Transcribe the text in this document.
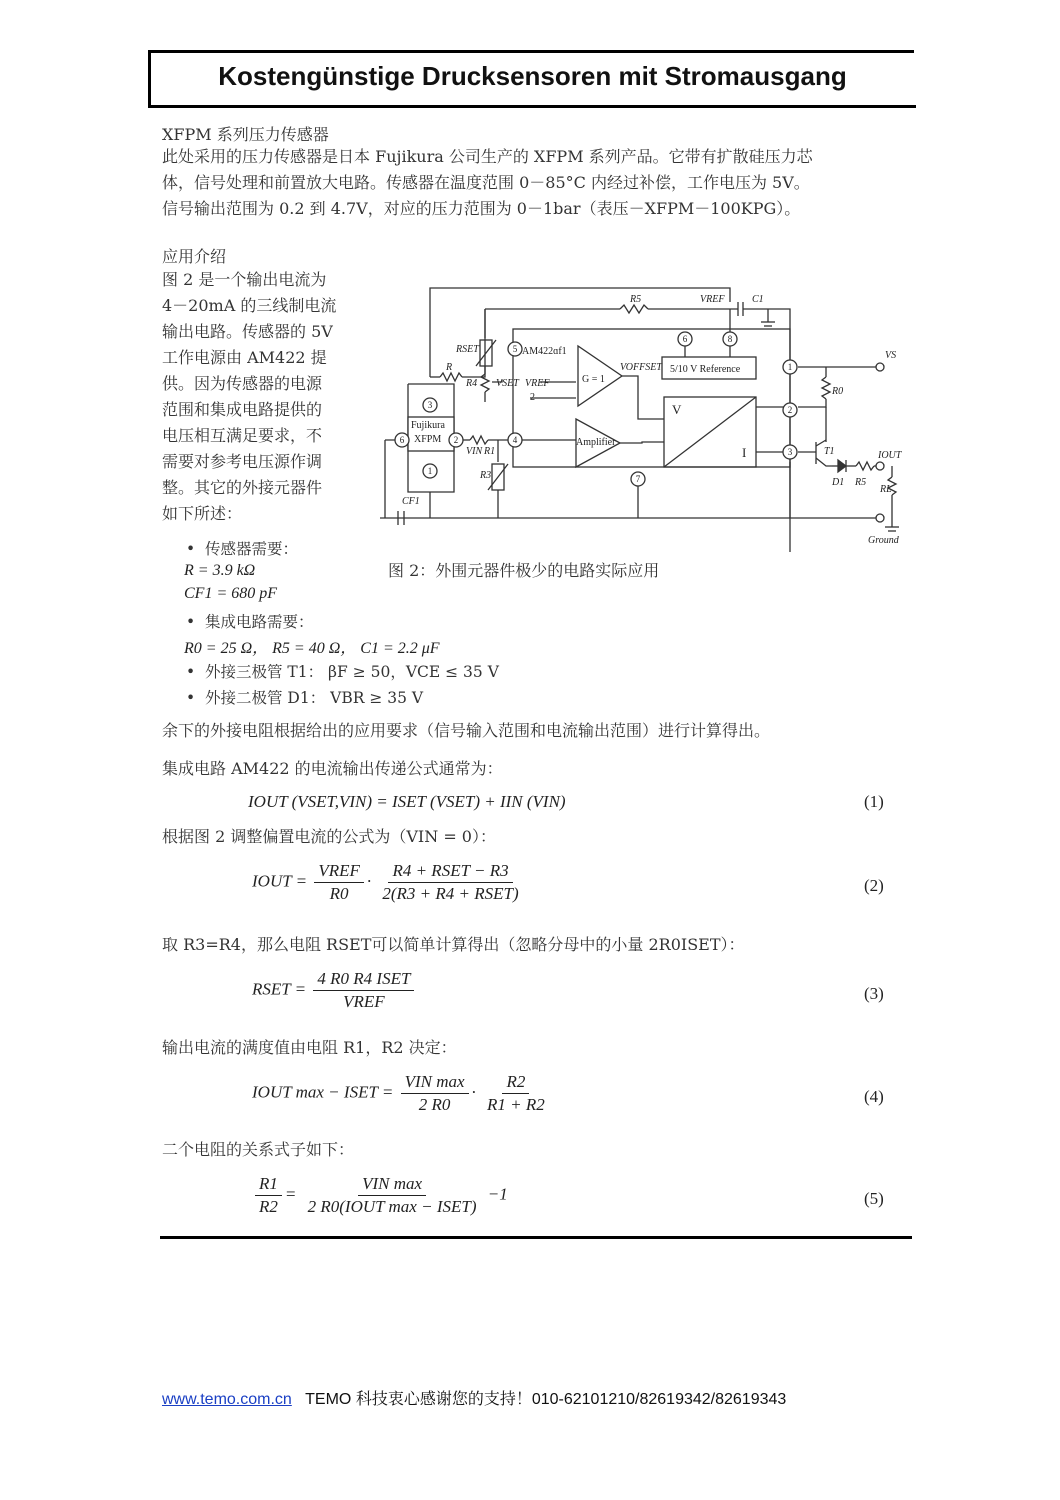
Kostengünstige Drucksensoren mit Stromausgang
XFPM 系列压力传感器
此处采用的压力传感器是日本 Fujikura 公司生产的 XFPM 系列产品。它带有扩散硅压力芯
体，信号处理和前置放大电路。传感器在温度范围 0－85°C 内经过补偿，工作电压为 5V。
信号输出范围为 0.2 到 4.7V，对应的压力范围为 0－1bar（表压－XFPM－100KPG）。
应用介绍
图 2 是一个输出电流为
4－20mA 的三线制电流
输出电路。传感器的 5V
工作电源由 AM422 提
供。因为传感器的电源
范围和集成电路提供的
电压相互满足要求，不
需要对参考电压源作调
整。其它的外接元器件
如下所述：
R5	VREF	C1
AM422ɑf1
RSET
R
R4 VSET VREF
2
G = 1
VOFFSET 5/10 V Reference
VS
R0
Fujikura
XFPM
VIN R1
R3
Amplifier
V
I	T1	IOUT
D1 R5
RL
CF1
Ground
3
6	2
1
5
4
6	8
1
2
3
7
图 2：外围元器件极少的电路实际应用
•  传感器需要：
R = 3.9 kΩ
CF1 = 680 pF
•  集成电路需要：
R0 = 25 Ω， R5 = 40 Ω， C1 = 2.2 μF
•  外接三极管 T1： βF ≥ 50，VCE ≤ 35 V
•  外接二极管 D1： VBR ≥ 35 V
余下的外接电阻根据给出的应用要求（信号输入范围和电流输出范围）进行计算得出。
集成电路 AM422 的电流输出传递公式通常为：
IOUT (VSET,VIN) = ISET (VSET) + IIN (VIN)	(1)
根据图 2 调整偏置电流的公式为（VIN = 0）：
IOUT = $\frac{\text{VREF}}{R0} \cdot \frac{\text{R4 + RSET − R3}}{\text{2(R3 + R4 + RSET)}}$	(2)
取 R3=R4，那么电阻 RSET可以简单计算得出（忽略分母中的小量 2R0ISET）：
RSET = $\frac{\text{4 R0 R4 ISET}}{\text{VREF}}$	(3)
输出电流的满度值由电阻 R1，R2 决定：
IOUT max − ISET = $\frac{\text{VIN max}}{2 R0} \cdot \frac{R2}{R1 + R2}$	(4)
二个电阻的关系式子如下：
$\frac{R1}{R2} = \frac{\text{VIN max}}{\text{2 R0(IOUT max − ISET)}} -1$	(5)
www.temo.com.cn TEMO 科技衷心感谢您的支持！010-62101210/82619342/82619343
